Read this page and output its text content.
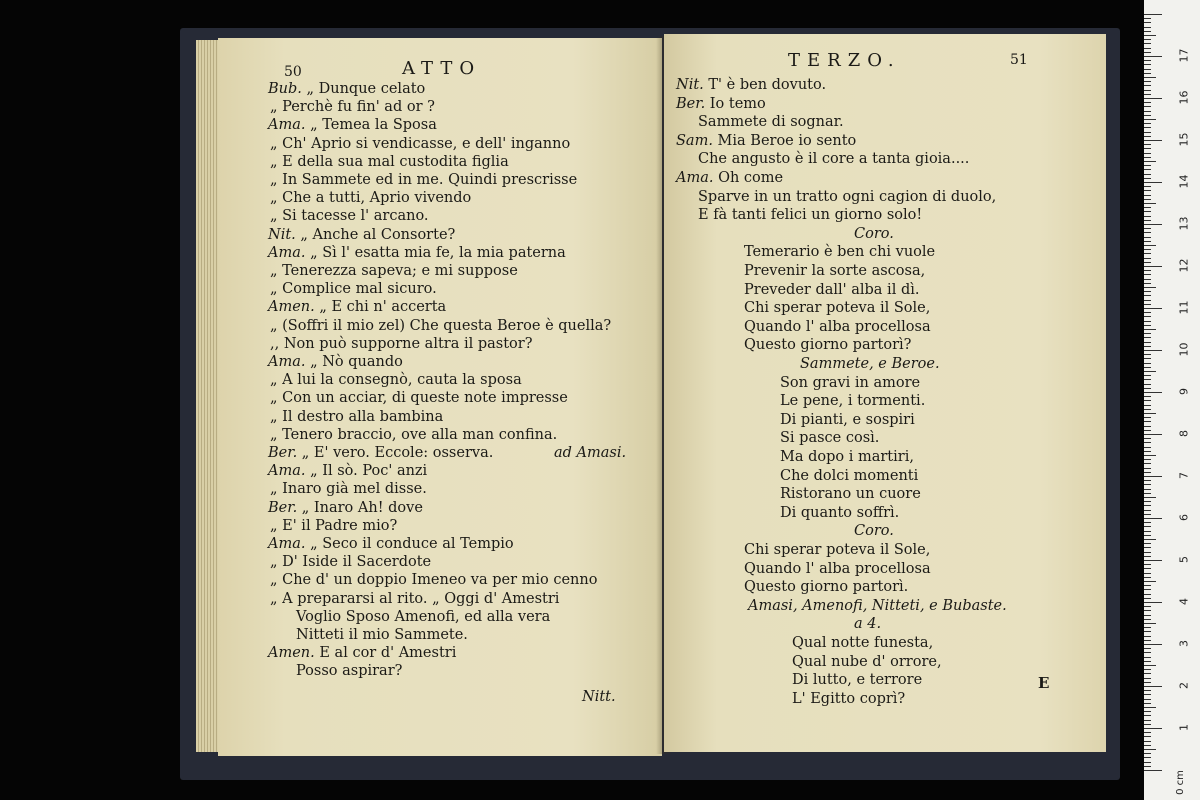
50	ATTO
Bub. „ Dunque celato
„ Perchè fu fin' ad or ?
Ama. „ Temea la Sposa
„ Ch' Aprio si vendicasse, e dell' inganno
„ E della sua mal custodita figlia
„ In Sammete ed in me. Quindi prescrisse
„ Che a tutti, Aprio vivendo
„ Si tacesse l' arcano.
Nit. „ Anche al Consorte?
Ama. „ Sì l' esatta mia fe, la mia paterna
„ Tenerezza sapeva; e mi suppose
„ Complice mal sicuro.
Amen. „ E chi n' accerta
„ (Soffri il mio zel) Che questa Beroe è quella?
,, Non può supporne altra il pastor?
Ama. „ Nò quando
„ A lui la consegnò, cauta la sposa
„ Con un acciar, di queste note impresse
„ Il destro alla bambina
„ Tenero braccio, ove alla man confina.
Ber. „ E' vero. Eccole: osserva.	ad Amasi.
Ama. „ Il sò. Poc' anzi
„ Inaro già mel disse.
Ber. „ Inaro Ah! dove
„ E' il Padre mio?
Ama. „ Seco il conduce al Tempio
„ D' Iside il Sacerdote
„ Che d' un doppio Imeneo va per mio cenno
„ A prepararsi al rito. „ Oggi d' Amestri
Voglio Sposo Amenofi, ed alla vera
Nitteti il mio Sammete.
Amen. E al cor d' Amestri
Posso aspirar?
Nitt.
TERZO.	51
Nit. T' è ben dovuto.
Ber. Io temo
Sammete di sognar.
Sam. Mia Beroe io sento
Che angusto è il core a tanta gioia....
Ama. Oh come
Sparve in un tratto ogni cagion di duolo,
E fà tanti felici un giorno solo!
Coro.
Temerario è ben chi vuole
Prevenir la sorte ascosa,
Preveder dall' alba il dì.
Chi sperar poteva il Sole,
Quando l' alba procellosa
Questo giorno partorì?
Sammete, e Beroe.
Son gravi in amore
Le pene, i tormenti.
Di pianti, e sospiri
Si pasce così.
Ma dopo i martiri,
Che dolci momenti
Ristorano un cuore
Di quanto soffrì.
Coro.
Chi sperar poteva il Sole,
Quando l' alba procellosa
Questo giorno partorì.
Amasi, Amenofi, Nitteti, e Bubaste.
a 4.
Qual notte funesta,
Qual nube d' orrore,
Di lutto, e terrore
L' Egitto coprì?
E
0 cm
1
2
3
4
5
6
7
8
9
10
11
12
13
14
15
16
17
